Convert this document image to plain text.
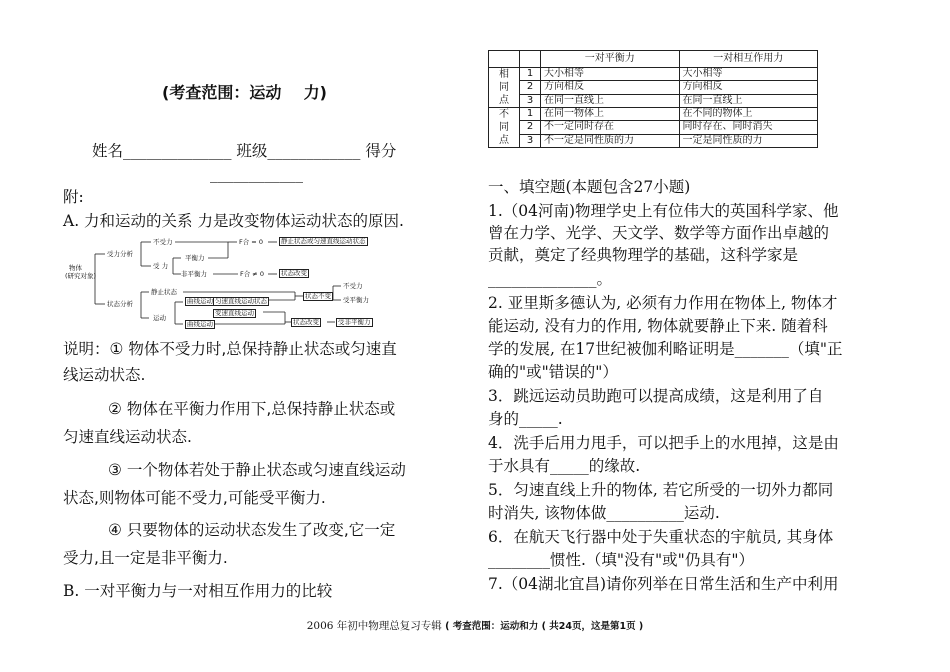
(考查范围：运动    力)
姓名______________ 班级____________ 得分
____________
附:
A. 力和运动的关系 力是改变物体运动状态的原因.
物体
(研究对象)
受力分析
不受力
受 力
平衡力
非平衡力
F合 = 0	静止状态或匀速直线运动状态
F合 ≠ 0	状态改变
状态分析
静止状态
运动
曲线运动 匀速直线运动状态
变速直线运动
曲线运动
状态不变
不受力
受平衡力
状态改变	受非平衡力
说明：① 物体不受力时,总保持静止状态或匀速直
线运动状态.
② 物体在平衡力作用下,总保持静止状态或
匀速直线运动状态.
③ 一个物体若处于静止状态或匀速直线运动
状态,则物体可能不受力,可能受平衡力.
④ 只要物体的运动状态发生了改变,它一定
受力,且一定是非平衡力.
B. 一对平衡力与一对相互作用力的比较
		一对平衡力	一对相互作用力
相
同
点	1	大小相等	大小相等
	2	方向相反	方向相反
	3	在同一直线上	在同一直线上
不
同
点	1	在同一物体上	在不同的物体上
	2	不一定同时存在	同时存在、同时消失
	3	不一定是同性质的力	一定是同性质的力
一、填空题(本题包含27小题)
1.（04河南)物理学史上有位伟大的英国科学家、他
曾在力学、光学、天文学、数学等方面作出卓越的
贡献，奠定了经典物理学的基础，这科学家是
______________。
2. 亚里斯多德认为, 必须有力作用在物体上, 物体才
能运动, 没有力的作用, 物体就要静止下来. 随着科
学的发展, 在17世纪被伽利略证明是_______（填"正
确的"或"错误的"）
3．跳远运动员助跑可以提高成绩，这是利用了自
身的_____.
4．洗手后用力甩手，可以把手上的水甩掉，这是由
于水具有_____的缘故.
5．匀速直线上升的物体, 若它所受的一切外力都同
时消失, 该物体做__________运动.
6．在航天飞行器中处于失重状态的宇航员, 其身体
________惯性.（填"没有"或"仍具有"）
7.（04湖北宜昌)请你列举在日常生活和生产中利用
2006 年初中物理总复习专辑 ( 考查范围：运动和力 ( 共24页，这是第1页 )
